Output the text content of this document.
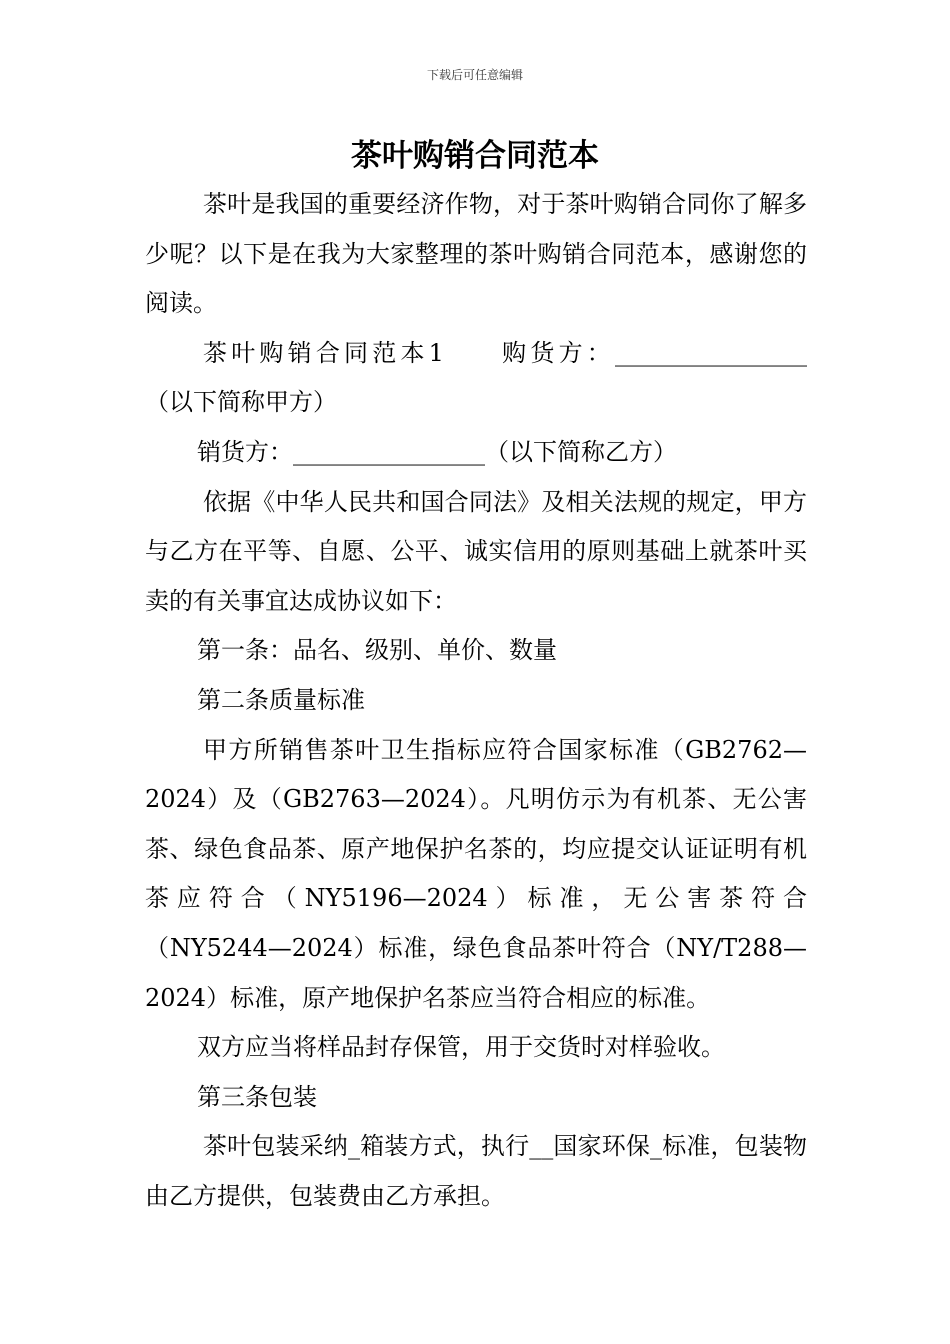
下载后可任意编辑
茶叶购销合同范本

茶叶是我国的重要经济作物，对于茶叶购销合同你了解多少呢？以下是在我为大家整理的茶叶购销合同范本，感谢您的阅读。

茶叶购销合同范本1 购货方：________________

（以下简称甲方）

销货方：________________（以下简称乙方）

依据《中华人民共和国合同法》及相关法规的规定，甲方与乙方在平等、自愿、公平、诚实信用的原则基础上就茶叶买卖的有关事宜达成协议如下：

第一条：品名、级别、单价、数量

第二条质量标准

甲方所销售茶叶卫生指标应符合国家标准（GB2762—2024）及（GB2763—2024）。凡明仿示为有机茶、无公害茶、绿色食品茶、原产地保护名茶的，均应提交认证证明有机茶应符合（NY5196—2024）标准，无公害茶符合（NY5244—2024）标准，绿色食品茶叶符合（NY/T288—2024）标准，原产地保护名茶应当符合相应的标准。

双方应当将样品封存保管，用于交货时对样验收。

第三条包装

茶叶包装采纳_箱装方式，执行__国家环保_标准，包装物由乙方提供，包装费由乙方承担。
